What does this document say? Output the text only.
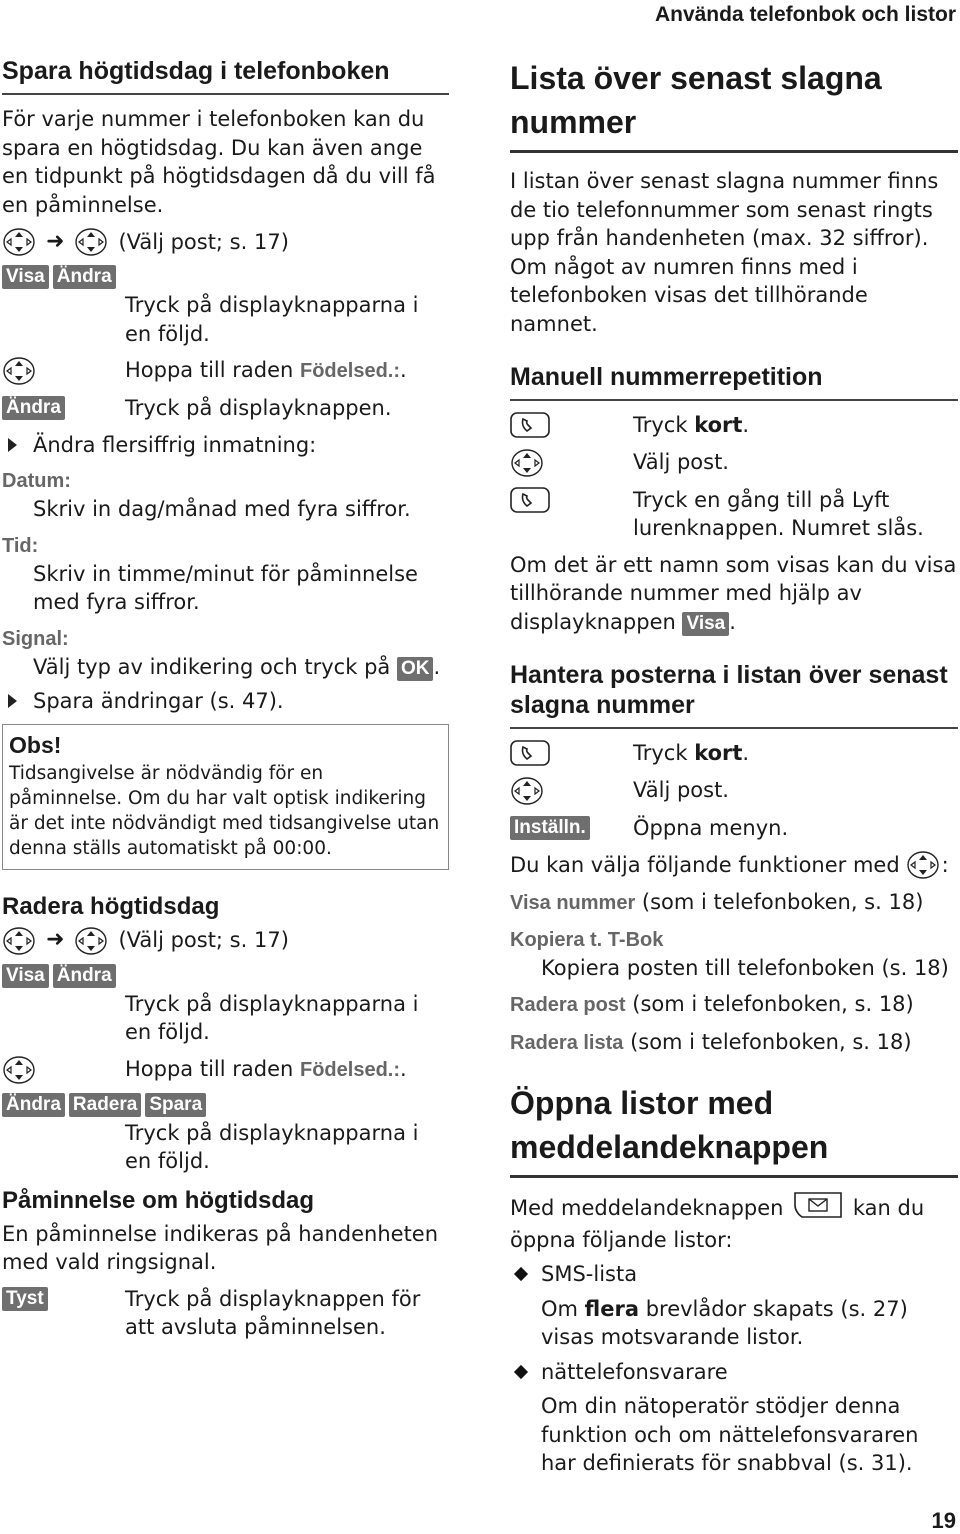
Använda telefonbok och listor
Spara högtidsdag i telefonboken

För varje nummer i telefonboken kan du spara en högtidsdag. Du kan även ange en tidpunkt på högtidsdagen då du vill få en påminnelse.

➜	(Välj post; s. 17)
Visa Ändra
Tryck på displayknapparna i en följd.
Hoppa till raden Födelsed.:.
Ändra	Tryck på displayknappen.
Ändra flersiffrig inmatning:
Datum:

Skriv in dag/månad med fyra siffror.

Tid:

Skriv in timme/minut för påminnelse med fyra siffror.

Signal:

Välj typ av indikering och tryck på OK .

Spara ändringar (s. 47).
Obs!
Tidsangivelse är nödvändig för en påminnelse. Om du har valt optisk indikering är det inte nödvändigt med tidsangivelse utan denna ställs automatiskt på 00:00.
Radera högtidsdag
➜	(Välj post; s. 17)
Visa Ändra
Tryck på displayknapparna i en följd.
Hoppa till raden Födelsed.:.
Ändra Radera Spara
Tryck på displayknapparna i en följd.
Påminnelse om högtidsdag

En påminnelse indikeras på handenheten med vald ringsignal.

Tyst	Tryck på displayknappen för att avsluta påminnelsen.
Lista över senast slagna nummer

I listan över senast slagna nummer finns de tio telefonnummer som senast ringts upp från handenheten (max. 32 siffror). Om något av numren finns med i telefonboken visas det tillhörande namnet.

Manuell nummerrepetition
Tryck kort.
Välj post.
Tryck en gång till på Lyft lurenknappen. Numret slås.

Om det är ett namn som visas kan du visa tillhörande nummer med hjälp av displayknappen Visa .

Hantera posterna i listan över senast slagna nummer
Tryck kort.
Välj post.
Inställn. Öppna menyn.
Du kan välja följande funktioner med :

Visa nummer (som i telefonboken, s. 18)

Kopiera t. T-Bok

Kopiera posten till telefonboken (s. 18)

Radera post (som i telefonboken, s. 18)

Radera lista (som i telefonboken, s. 18)

Öppna listor med meddelandeknappen
Med meddelandeknappen	kan du öppna följande listor:
SMS-lista

Om flera brevlådor skapats (s. 27) visas motsvarande listor.

nättelefonsvarare

Om din nätoperatör stödjer denna funktion och om nättelefonsvararen har definierats för snabbval (s. 31).

19
